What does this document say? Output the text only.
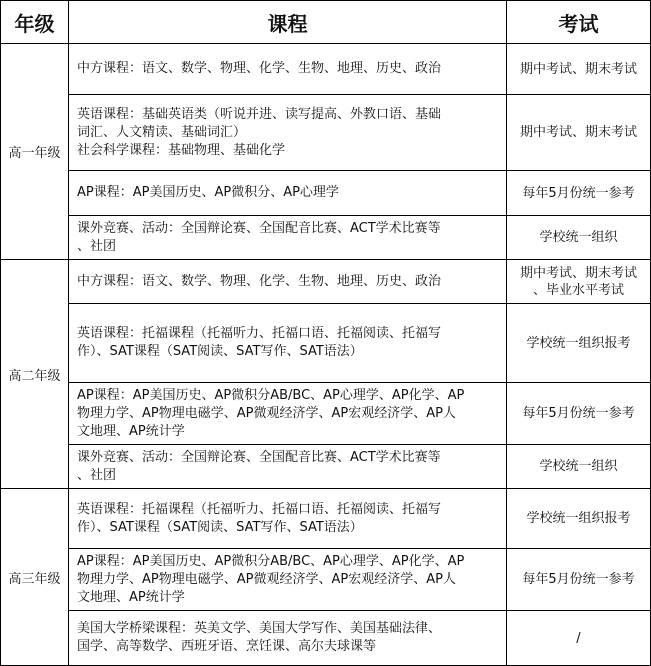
年级	课程	考试
高一年级	中方课程：语文、数学、物理、化学、生物、地理、历史、政治	期中考试、期末考试

	英语课程：基础英语类（听说并进、读写提高、外教口语、基础
词汇、人文精读、基础词汇）
社会科学课程：基础物理、基础化学	期中考试、期末考试

	AP课程：AP美国历史、AP微积分、AP心理学	每年5月份统一参考

	课外竞赛、活动：全国辩论赛、全国配音比赛、ACT学术比赛等
、社团	学校统一组织

高二年级	中方课程：语文、数学、物理、化学、生物、地理、历史、政治	期中考试、期末考试
、毕业水平考试

	英语课程：托福课程（托福听力、托福口语、托福阅读、托福写
作）、SAT课程（SAT阅读、SAT写作、SAT语法）	学校统一组织报考

	AP课程：AP美国历史、AP微积分AB/BC、AP心理学、AP化学、AP
物理力学、AP物理电磁学、AP微观经济学、AP宏观经济学、AP人
文地理、AP统计学	每年5月份统一参考

	课外竞赛、活动：全国辩论赛、全国配音比赛、ACT学术比赛等
、社团	学校统一组织

高三年级	英语课程：托福课程（托福听力、托福口语、托福阅读、托福写
作）、SAT课程（SAT阅读、SAT写作、SAT语法）	学校统一组织报考

	AP课程：AP美国历史、AP微积分AB/BC、AP心理学、AP化学、AP
物理力学、AP物理电磁学、AP微观经济学、AP宏观经济学、AP人
文地理、AP统计学	每年5月份统一参考

	美国大学桥梁课程：英美文学、美国大学写作、美国基础法律、
国学、高等数学、西班牙语、烹饪课、高尔夫球课等	/
